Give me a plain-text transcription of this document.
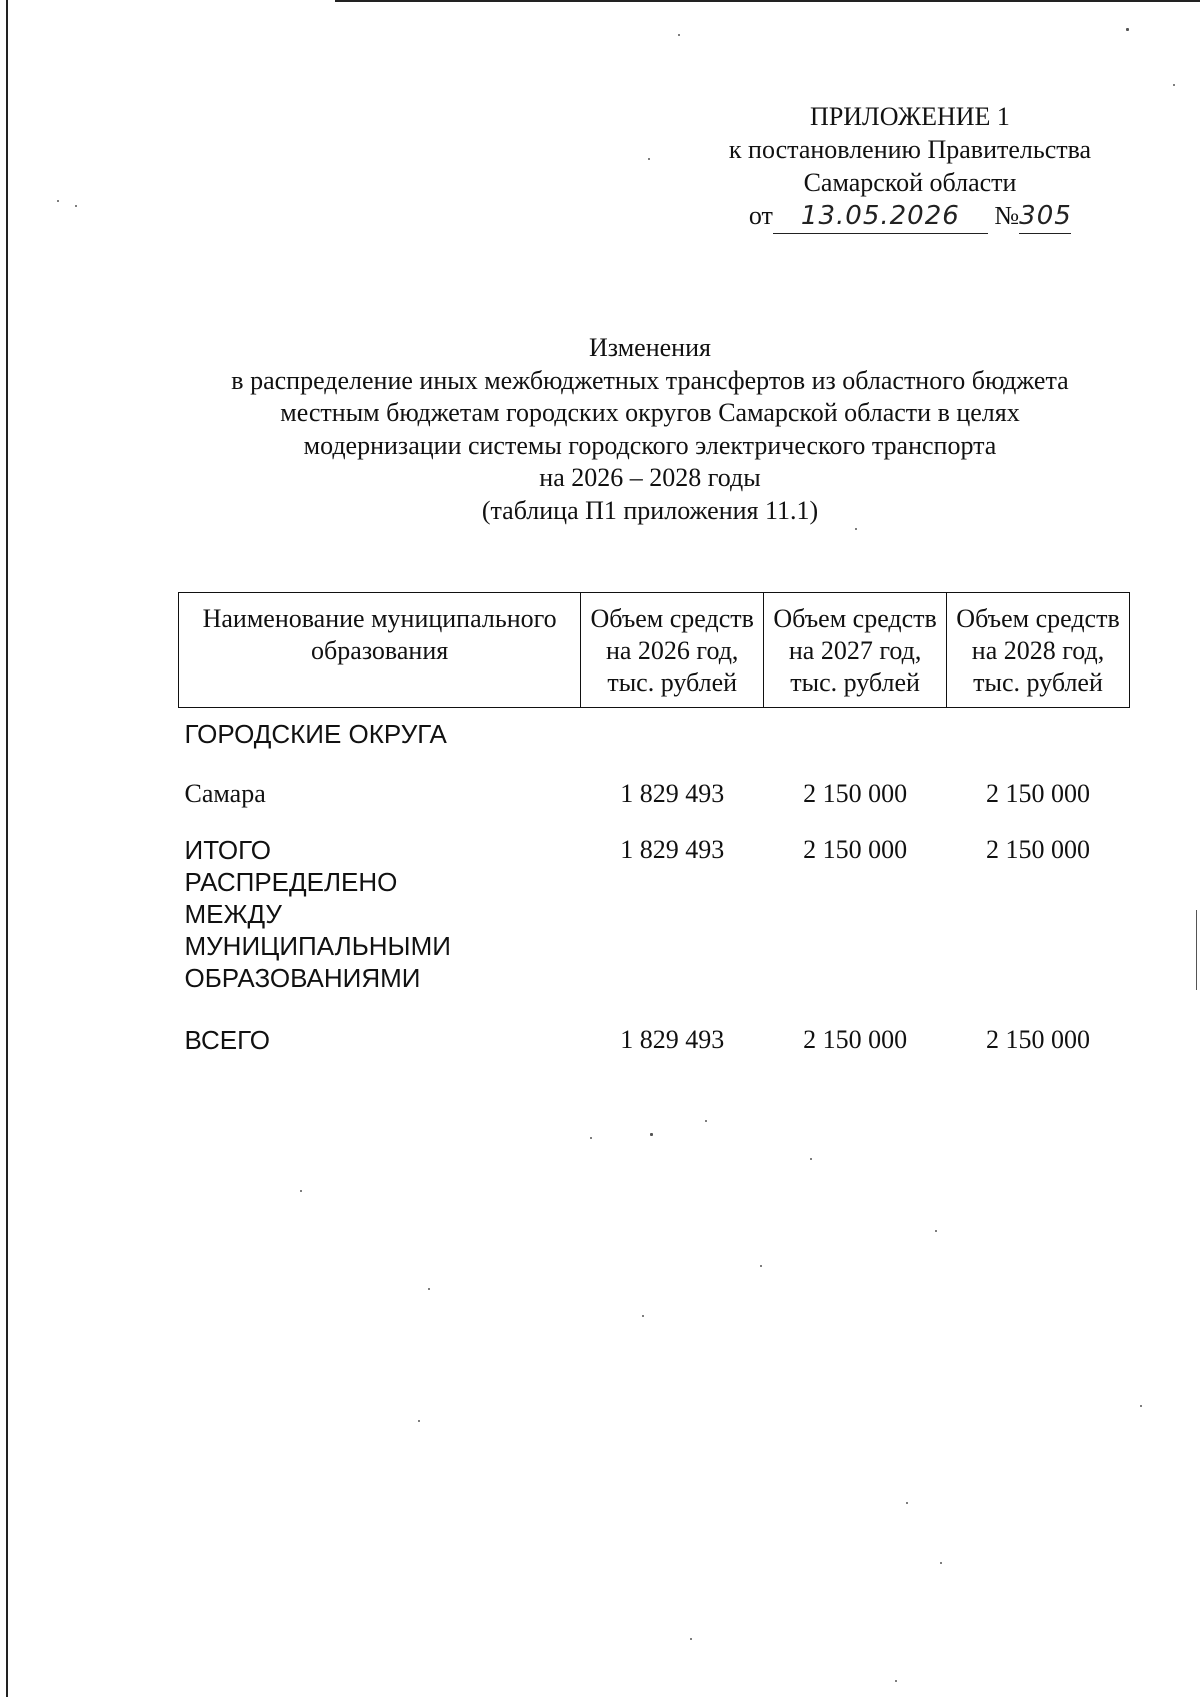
ПРИЛОЖЕНИЕ 1
к постановлению Правительства
Самарской области
от 13.05.2026 №305
Изменения
в распределение иных межбюджетных трансфертов из областного бюджета
местным бюджетам городских округов Самарской области в целях
модернизации системы городского электрического транспорта
на 2026 – 2028 годы
(таблица П1 приложения 11.1)
Наименование муниципального образования	Объем средств на 2026 год, тыс. рублей	Объем средств на 2027 год, тыс. рублей	Объем средств на 2028 год, тыс. рублей
ГОРОДСКИЕ ОКРУГА			
Самара	1 829 493	2 150 000	2 150 000
ИТОГО РАСПРЕДЕЛЕНО МЕЖДУ МУНИЦИПАЛЬНЫМИ ОБРАЗОВАНИЯМИ	1 829 493	2 150 000	2 150 000
ВСЕГО	1 829 493	2 150 000	2 150 000
